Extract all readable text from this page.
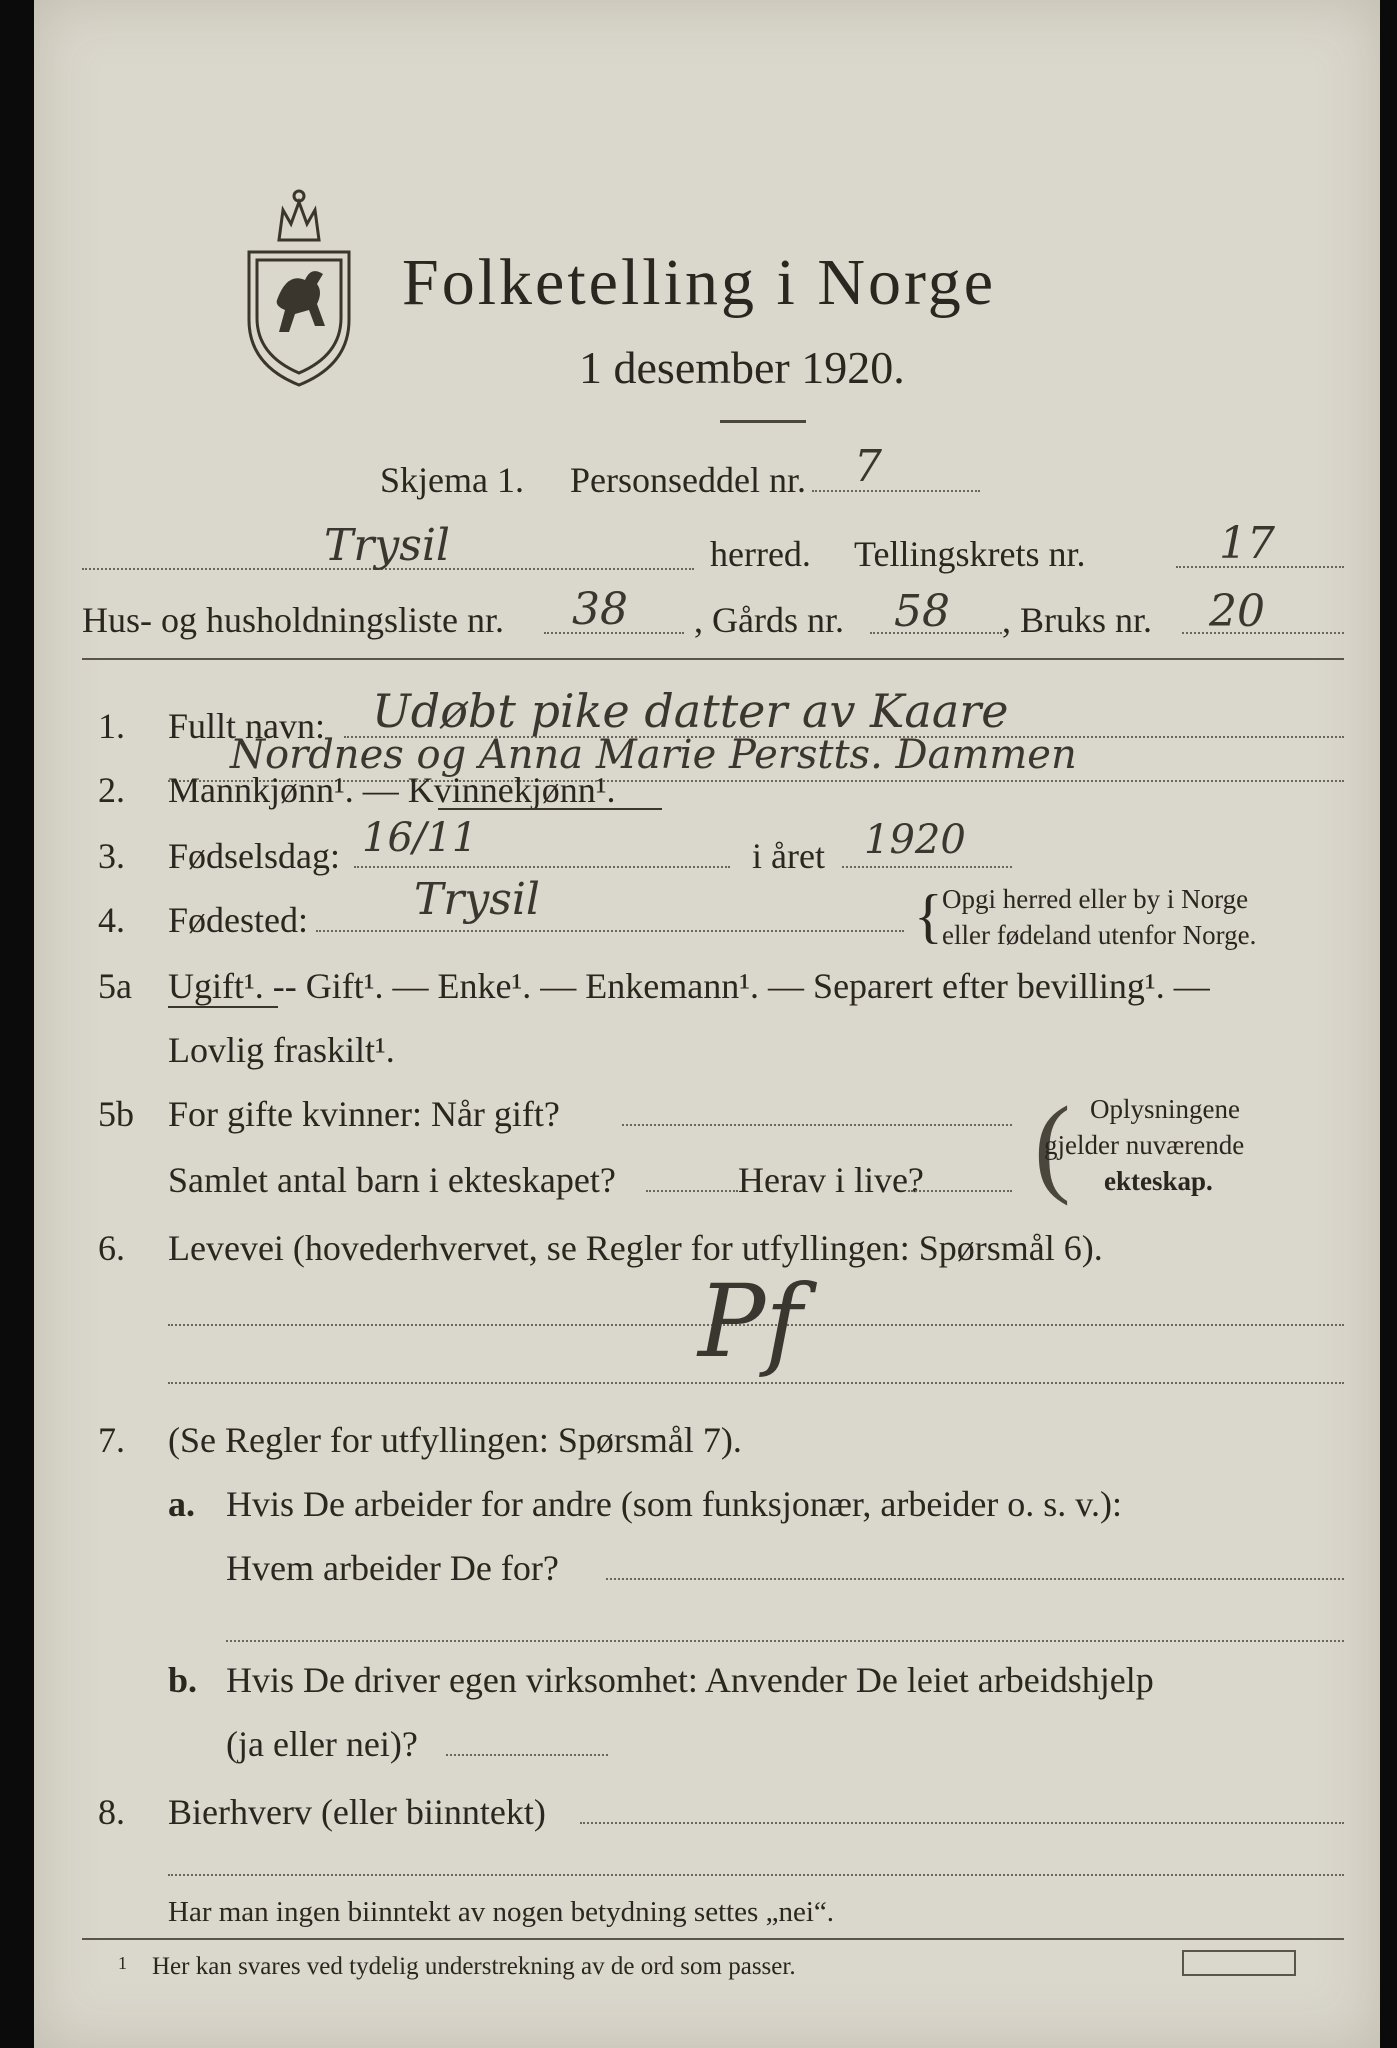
Folketelling i Norge
1 desember 1920.
Skjema 1. Personseddel nr. 7
Trysil	herred. Tellingskrets nr.	17
Hus- og husholdningsliste nr. 38 , Gårds nr. 58 , Bruks nr. 20
1. Fullt navn: Udøbt pike datter av Kaare
Nordnes og Anna Marie Perstts. Dammen
2. Mannkjønn¹. — Kvinnekjønn¹.
3. Fødselsdag: 16/11	i året 1920
4. Fødested: Trysil	{ Opgi herred eller by i Norge
eller fødeland utenfor Norge.
5a Ugift¹. -- Gift¹. — Enke¹. — Enkemann¹. — Separert efter bevilling¹. —
Lovlig fraskilt¹.
5b For gifte kvinner: Når gift?
Samlet antal barn i ekteskapet?	Herav i live? ( Oplysningene
gjelder nuværende
ekteskap.
6. Levevei (hovederhvervet, se Regler for utfyllingen: Spørsmål 6).
Pf
7. (Se Regler for utfyllingen: Spørsmål 7).
a. Hvis De arbeider for andre (som funksjonær, arbeider o. s. v.):
Hvem arbeider De for?
b. Hvis De driver egen virksomhet: Anvender De leiet arbeidshjelp
(ja eller nei)?
8. Bierhverv (eller biinntekt)
Har man ingen biinntekt av nogen betydning settes „nei“.
1 Her kan svares ved tydelig understrekning av de ord som passer.
